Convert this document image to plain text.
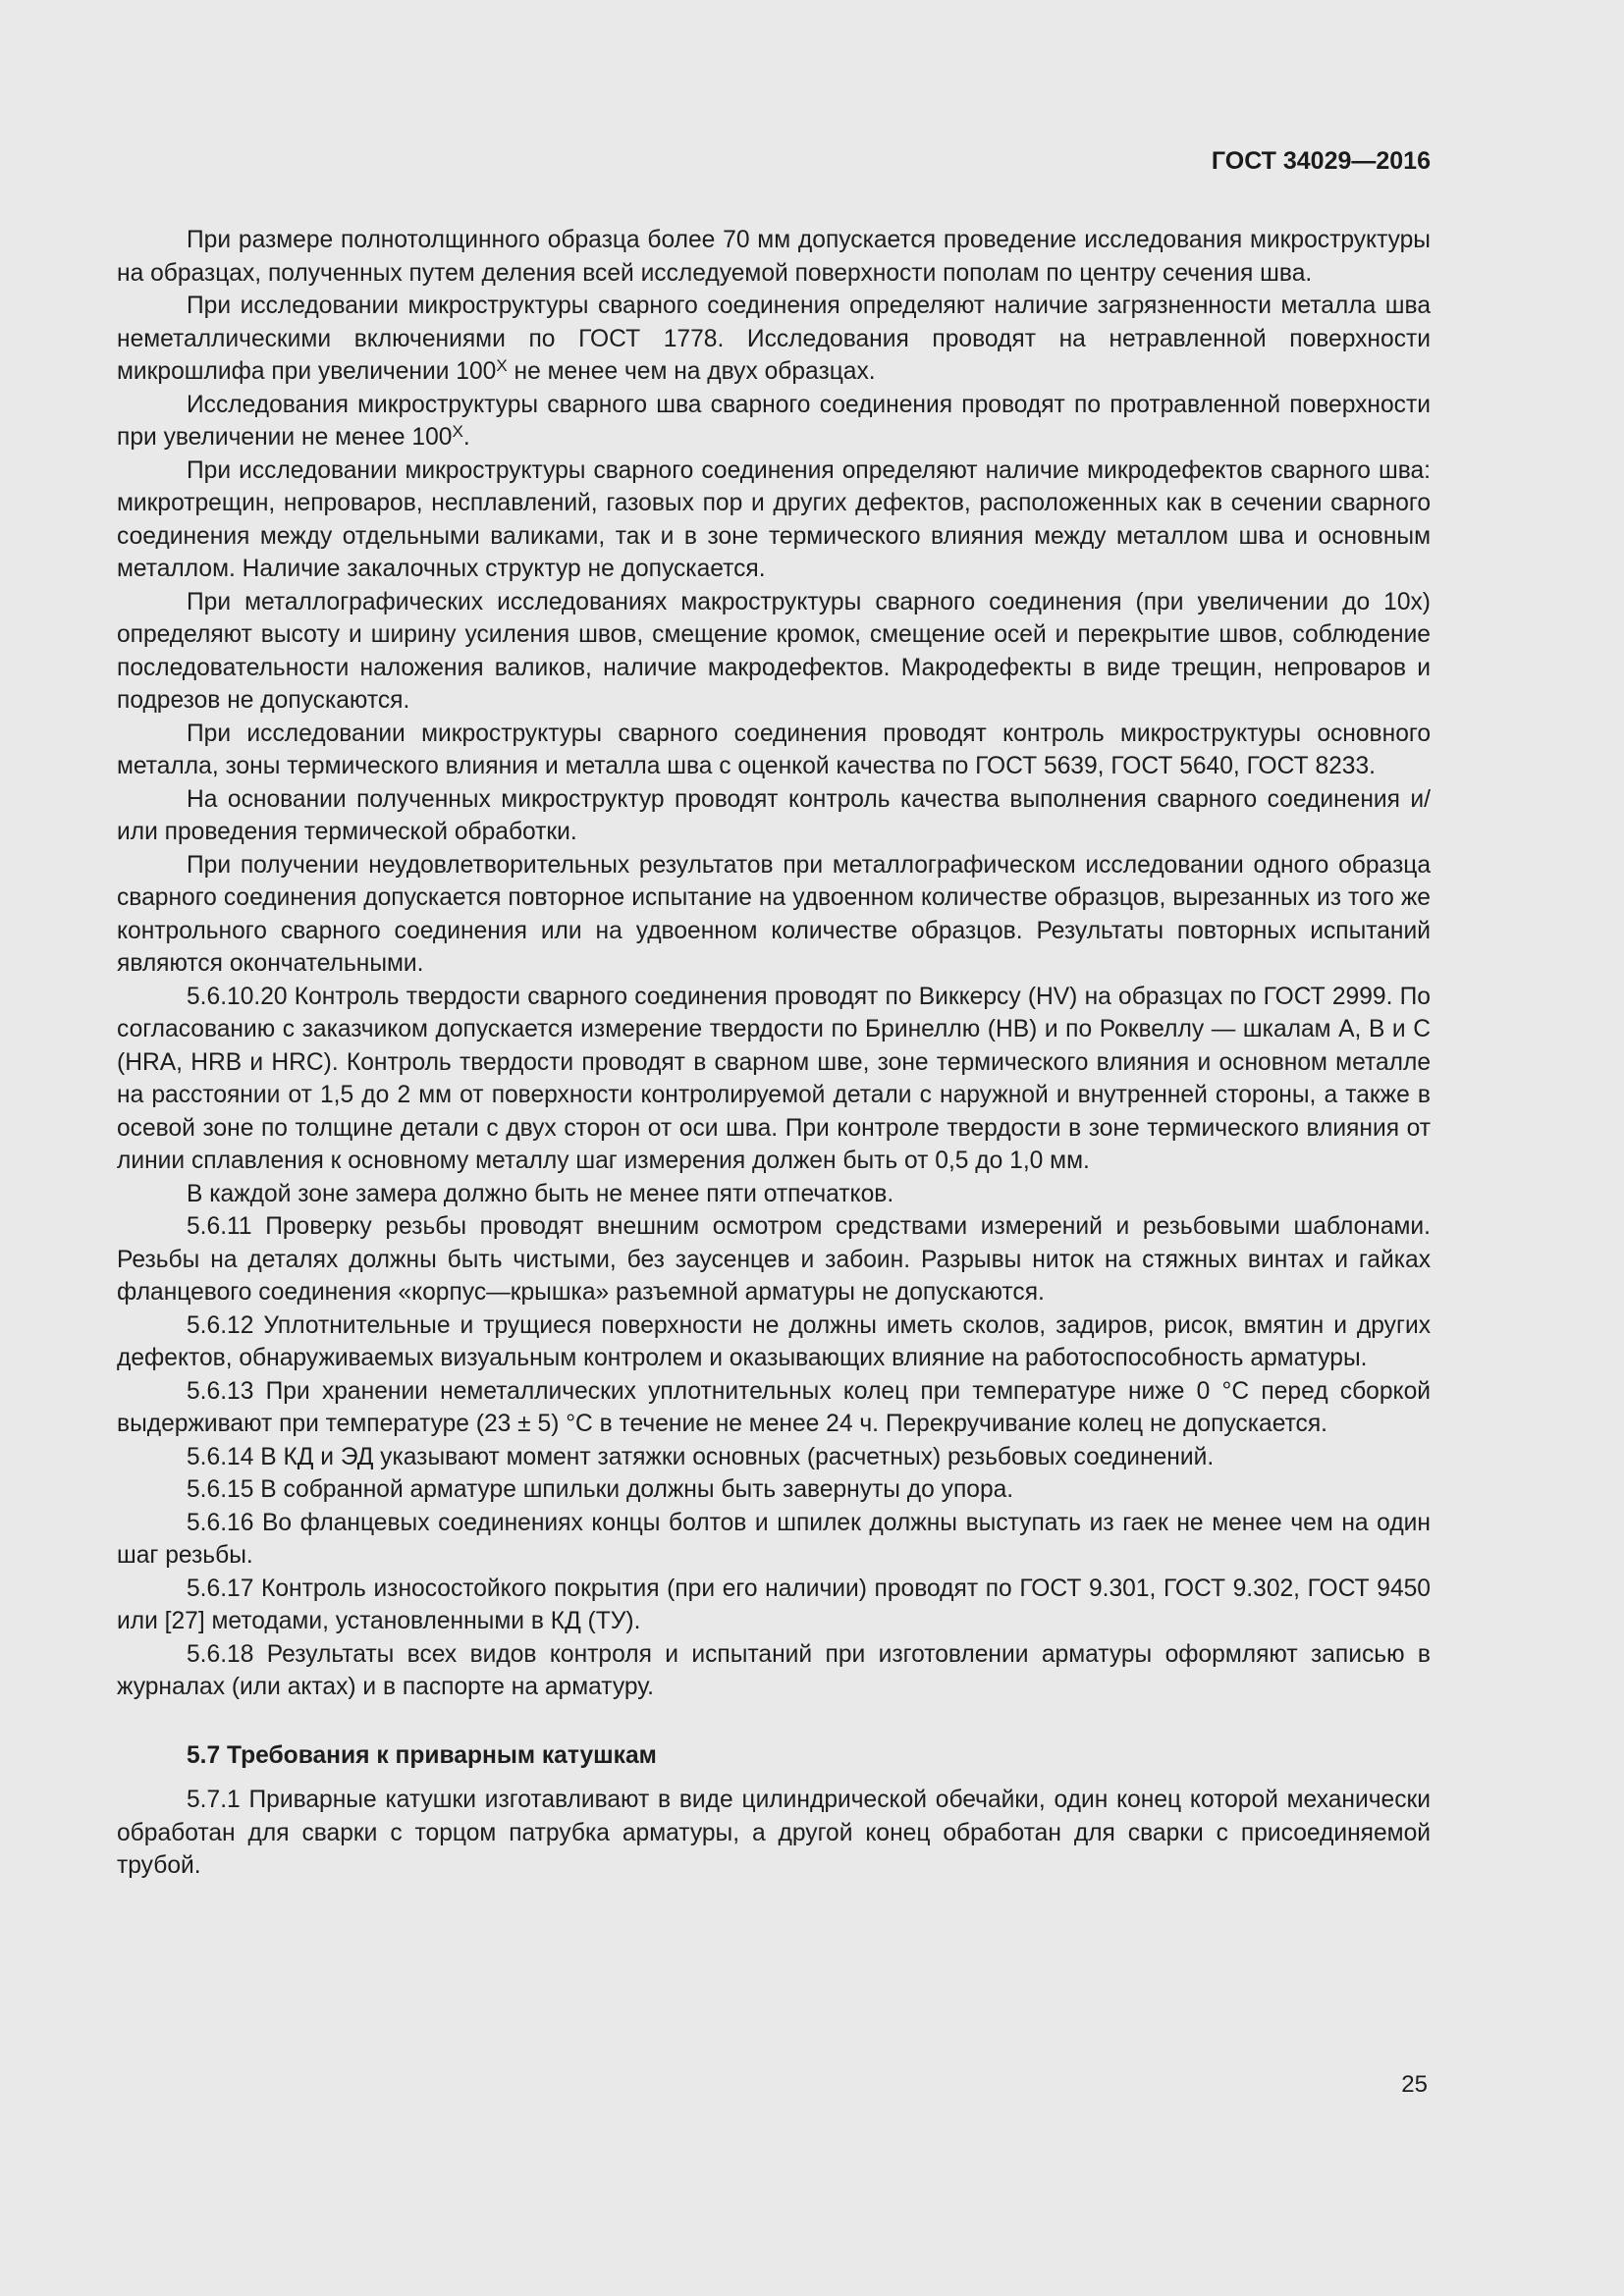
ГОСТ 34029—2016

При размере полнотолщинного образца более 70 мм допускается проведение исследования микроструктуры на образцах, полученных путем деления всей исследуемой поверхности пополам по центру сечения шва.

При исследовании микроструктуры сварного соединения определяют наличие загрязненности металла шва неметаллическими включениями по ГОСТ 1778. Исследования проводят на нетравленной поверхности микрошлифа при увеличении $100^X$ не менее чем на двух образцах.

Исследования микроструктуры сварного шва сварного соединения проводят по протравленной поверхности при увеличении не менее $100^X$.

При исследовании микроструктуры сварного соединения определяют наличие микродефектов сварного шва: микротрещин, непроваров, несплавлений, газовых пор и других дефектов, расположенных как в сечении сварного соединения между отдельными валиками, так и в зоне термического влияния между металлом шва и основным металлом. Наличие закалочных структур не допускается.

При металлографических исследованиях макроструктуры сварного соединения (при увеличении до 10x) определяют высоту и ширину усиления швов, смещение кромок, смещение осей и перекрытие швов, соблюдение последовательности наложения валиков, наличие макродефектов. Макродефекты в виде трещин, непроваров и подрезов не допускаются.

При исследовании микроструктуры сварного соединения проводят контроль микроструктуры основного металла, зоны термического влияния и металла шва с оценкой качества по ГОСТ 5639, ГОСТ 5640, ГОСТ 8233.

На основании полученных микроструктур проводят контроль качества выполнения сварного соединения и/или проведения термической обработки.

При получении неудовлетворительных результатов при металлографическом исследовании одного образца сварного соединения допускается повторное испытание на удвоенном количестве образцов, вырезанных из того же контрольного сварного соединения или на удвоенном количестве образцов. Результаты повторных испытаний являются окончательными.

5.6.10.20 Контроль твердости сварного соединения проводят по Виккерсу (HV) на образцах по ГОСТ 2999. По согласованию с заказчиком допускается измерение твердости по Бринеллю (НВ) и по Роквеллу — шкалам А, В и С (HRA, HRB и HRC). Контроль твердости проводят в сварном шве, зоне термического влияния и основном металле на расстоянии от 1,5 до 2 мм от поверхности контролируемой детали с наружной и внутренней стороны, а также в осевой зоне по толщине детали с двух сторон от оси шва. При контроле твердости в зоне термического влияния от линии сплавления к основному металлу шаг измерения должен быть от 0,5 до 1,0 мм.

В каждой зоне замера должно быть не менее пяти отпечатков.

5.6.11 Проверку резьбы проводят внешним осмотром средствами измерений и резьбовыми шаблонами. Резьбы на деталях должны быть чистыми, без заусенцев и забоин. Разрывы ниток на стяжных винтах и гайках фланцевого соединения «корпус—крышка» разъемной арматуры не допускаются.

5.6.12 Уплотнительные и трущиеся поверхности не должны иметь сколов, задиров, рисок, вмятин и других дефектов, обнаруживаемых визуальным контролем и оказывающих влияние на работоспособность арматуры.

5.6.13 При хранении неметаллических уплотнительных колец при температуре ниже 0 °С перед сборкой выдерживают при температуре (23 ± 5) °С в течение не менее 24 ч. Перекручивание колец не допускается.

5.6.14 В КД и ЭД указывают момент затяжки основных (расчетных) резьбовых соединений.

5.6.15 В собранной арматуре шпильки должны быть завернуты до упора.

5.6.16 Во фланцевых соединениях концы болтов и шпилек должны выступать из гаек не менее чем на один шаг резьбы.

5.6.17 Контроль износостойкого покрытия (при его наличии) проводят по ГОСТ 9.301, ГОСТ 9.302, ГОСТ 9450 или [27] методами, установленными в КД (ТУ).

5.6.18 Результаты всех видов контроля и испытаний при изготовлении арматуры оформляют записью в журналах (или актах) и в паспорте на арматуру.

5.7 Требования к приварным катушкам

5.7.1 Приварные катушки изготавливают в виде цилиндрической обечайки, один конец которой механически обработан для сварки с торцом патрубка арматуры, а другой конец обработан для сварки с присоединяемой трубой.

25
